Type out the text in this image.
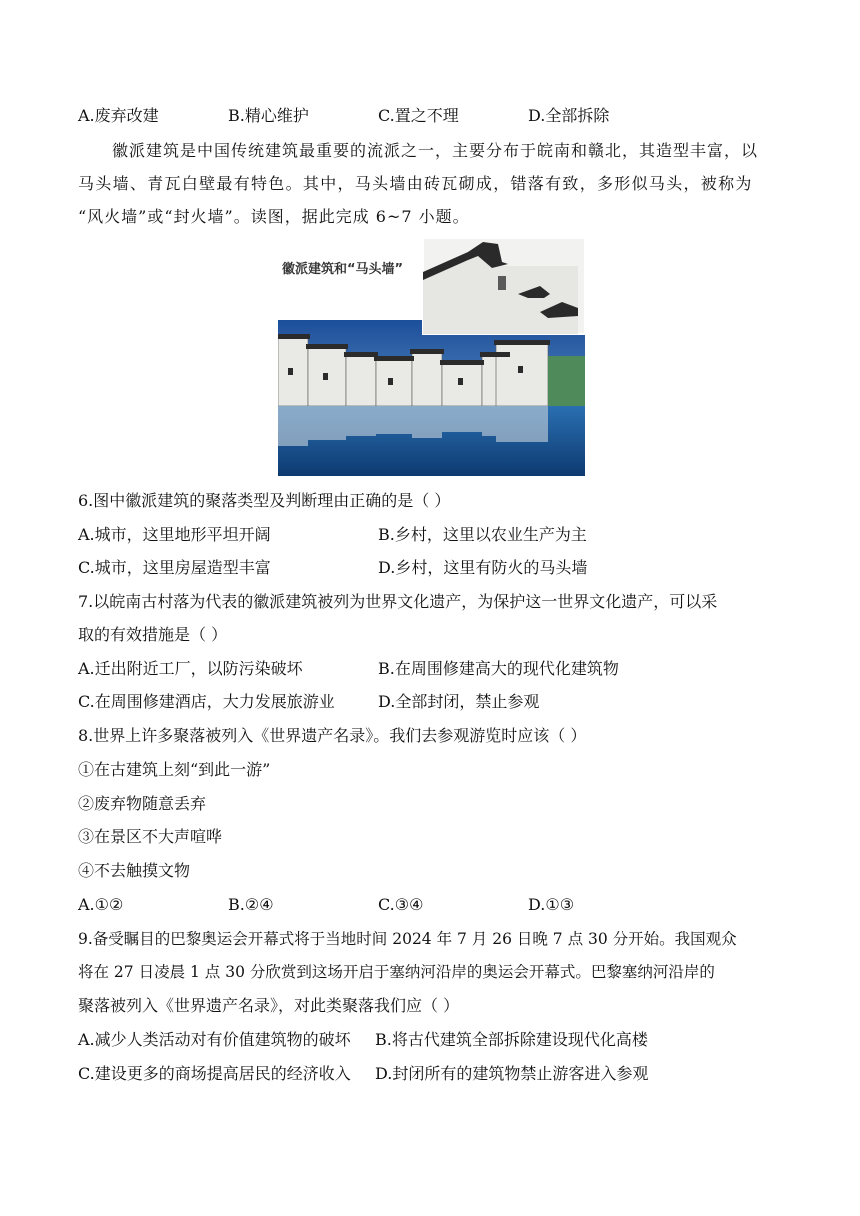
A.废弃改建	B.精心维护	C.置之不理	D.全部拆除
徽派建筑是中国传统建筑最重要的流派之一，主要分布于皖南和赣北，其造型丰富，以
马头墙、青瓦白壁最有特色。其中，马头墙由砖瓦砌成，错落有致，多形似马头，被称为
“风火墙”或“封火墙”。读图，据此完成 6~7 小题。
徽派建筑和“马头墙”
6.图中徽派建筑的聚落类型及判断理由正确的是（ ）
A.城市，这里地形平坦开阔	B.乡村，这里以农业生产为主
C.城市，这里房屋造型丰富	D.乡村，这里有防火的马头墙
7.以皖南古村落为代表的徽派建筑被列为世界文化遗产，为保护这一世界文化遗产，可以采
取的有效措施是（ ）
A.迁出附近工厂，以防污染破坏	B.在周围修建高大的现代化建筑物
C.在周围修建酒店，大力发展旅游业	D.全部封闭，禁止参观
8.世界上许多聚落被列入《世界遗产名录》。我们去参观游览时应该（ ）
①在古建筑上刻“到此一游”
②废弃物随意丢弃
③在景区不大声喧哗
④不去触摸文物
A.①②	B.②④	C.③④	D.①③
9.备受瞩目的巴黎奥运会开幕式将于当地时间 2024 年 7 月 26 日晚 7 点 30 分开始。我国观众
将在 27 日凌晨 1 点 30 分欣赏到这场开启于塞纳河沿岸的奥运会开幕式。巴黎塞纳河沿岸的
聚落被列入《世界遗产名录》，对此类聚落我们应（ ）
A.减少人类活动对有价值建筑物的破坏 B.将古代建筑全部拆除建设现代化高楼
C.建设更多的商场提高居民的经济收入 D.封闭所有的建筑物禁止游客进入参观
